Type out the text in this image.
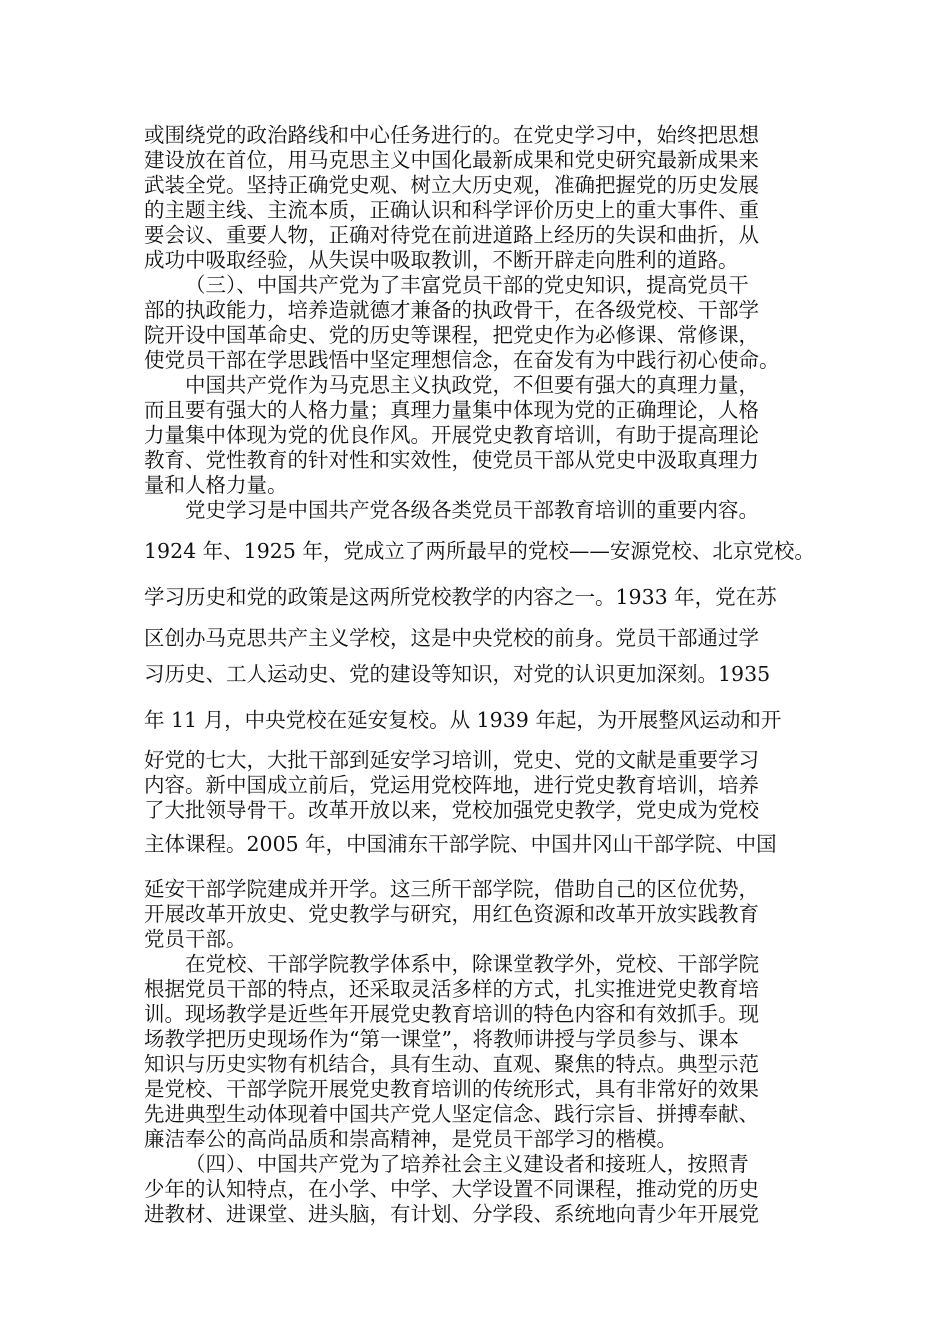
或围绕党的政治路线和中心任务进行的。在党史学习中，始终把思想
建设放在首位，用马克思主义中国化最新成果和党史研究最新成果来
武装全党。坚持正确党史观、树立大历史观，准确把握党的历史发展
的主题主线、主流本质，正确认识和科学评价历史上的重大事件、重
要会议、重要人物，正确对待党在前进道路上经历的失误和曲折，从
成功中吸取经验，从失误中吸取教训，不断开辟走向胜利的道路。
（三）、中国共产党为了丰富党员干部的党史知识，提高党员干
部的执政能力，培养造就德才兼备的执政骨干，在各级党校、干部学
院开设中国革命史、党的历史等课程，把党史作为必修课、常修课，
使党员干部在学思践悟中坚定理想信念，在奋发有为中践行初心使命。
中国共产党作为马克思主义执政党，不但要有强大的真理力量，
而且要有强大的人格力量；真理力量集中体现为党的正确理论，人格
力量集中体现为党的优良作风。开展党史教育培训，有助于提高理论
教育、党性教育的针对性和实效性，使党员干部从党史中汲取真理力
量和人格力量。
党史学习是中国共产党各级各类党员干部教育培训的重要内容。
1924 年、1925 年，党成立了两所最早的党校——安源党校、北京党校。
学习历史和党的政策是这两所党校教学的内容之一。1933 年，党在苏
区创办马克思共产主义学校，这是中央党校的前身。党员干部通过学
习历史、工人运动史、党的建设等知识，对党的认识更加深刻。1935
年 11 月，中央党校在延安复校。从 1939 年起，为开展整风运动和开
好党的七大，大批干部到延安学习培训，党史、党的文献是重要学习
内容。新中国成立前后，党运用党校阵地，进行党史教育培训，培养
了大批领导骨干。改革开放以来，党校加强党史教学，党史成为党校
主体课程。2005 年，中国浦东干部学院、中国井冈山干部学院、中国
延安干部学院建成并开学。这三所干部学院，借助自己的区位优势，
开展改革开放史、党史教学与研究，用红色资源和改革开放实践教育
党员干部。
在党校、干部学院教学体系中，除课堂教学外，党校、干部学院
根据党员干部的特点，还采取灵活多样的方式，扎实推进党史教育培
训。现场教学是近些年开展党史教育培训的特色内容和有效抓手。现
场教学把历史现场作为“第一课堂”，将教师讲授与学员参与、课本
知识与历史实物有机结合，具有生动、直观、聚焦的特点。典型示范
是党校、干部学院开展党史教育培训的传统形式，具有非常好的效果
先进典型生动体现着中国共产党人坚定信念、践行宗旨、拼搏奉献、
廉洁奉公的高尚品质和崇高精神，是党员干部学习的楷模。
（四）、中国共产党为了培养社会主义建设者和接班人，按照青
少年的认知特点，在小学、中学、大学设置不同课程，推动党的历史
进教材、进课堂、进头脑，有计划、分学段、系统地向青少年开展党
